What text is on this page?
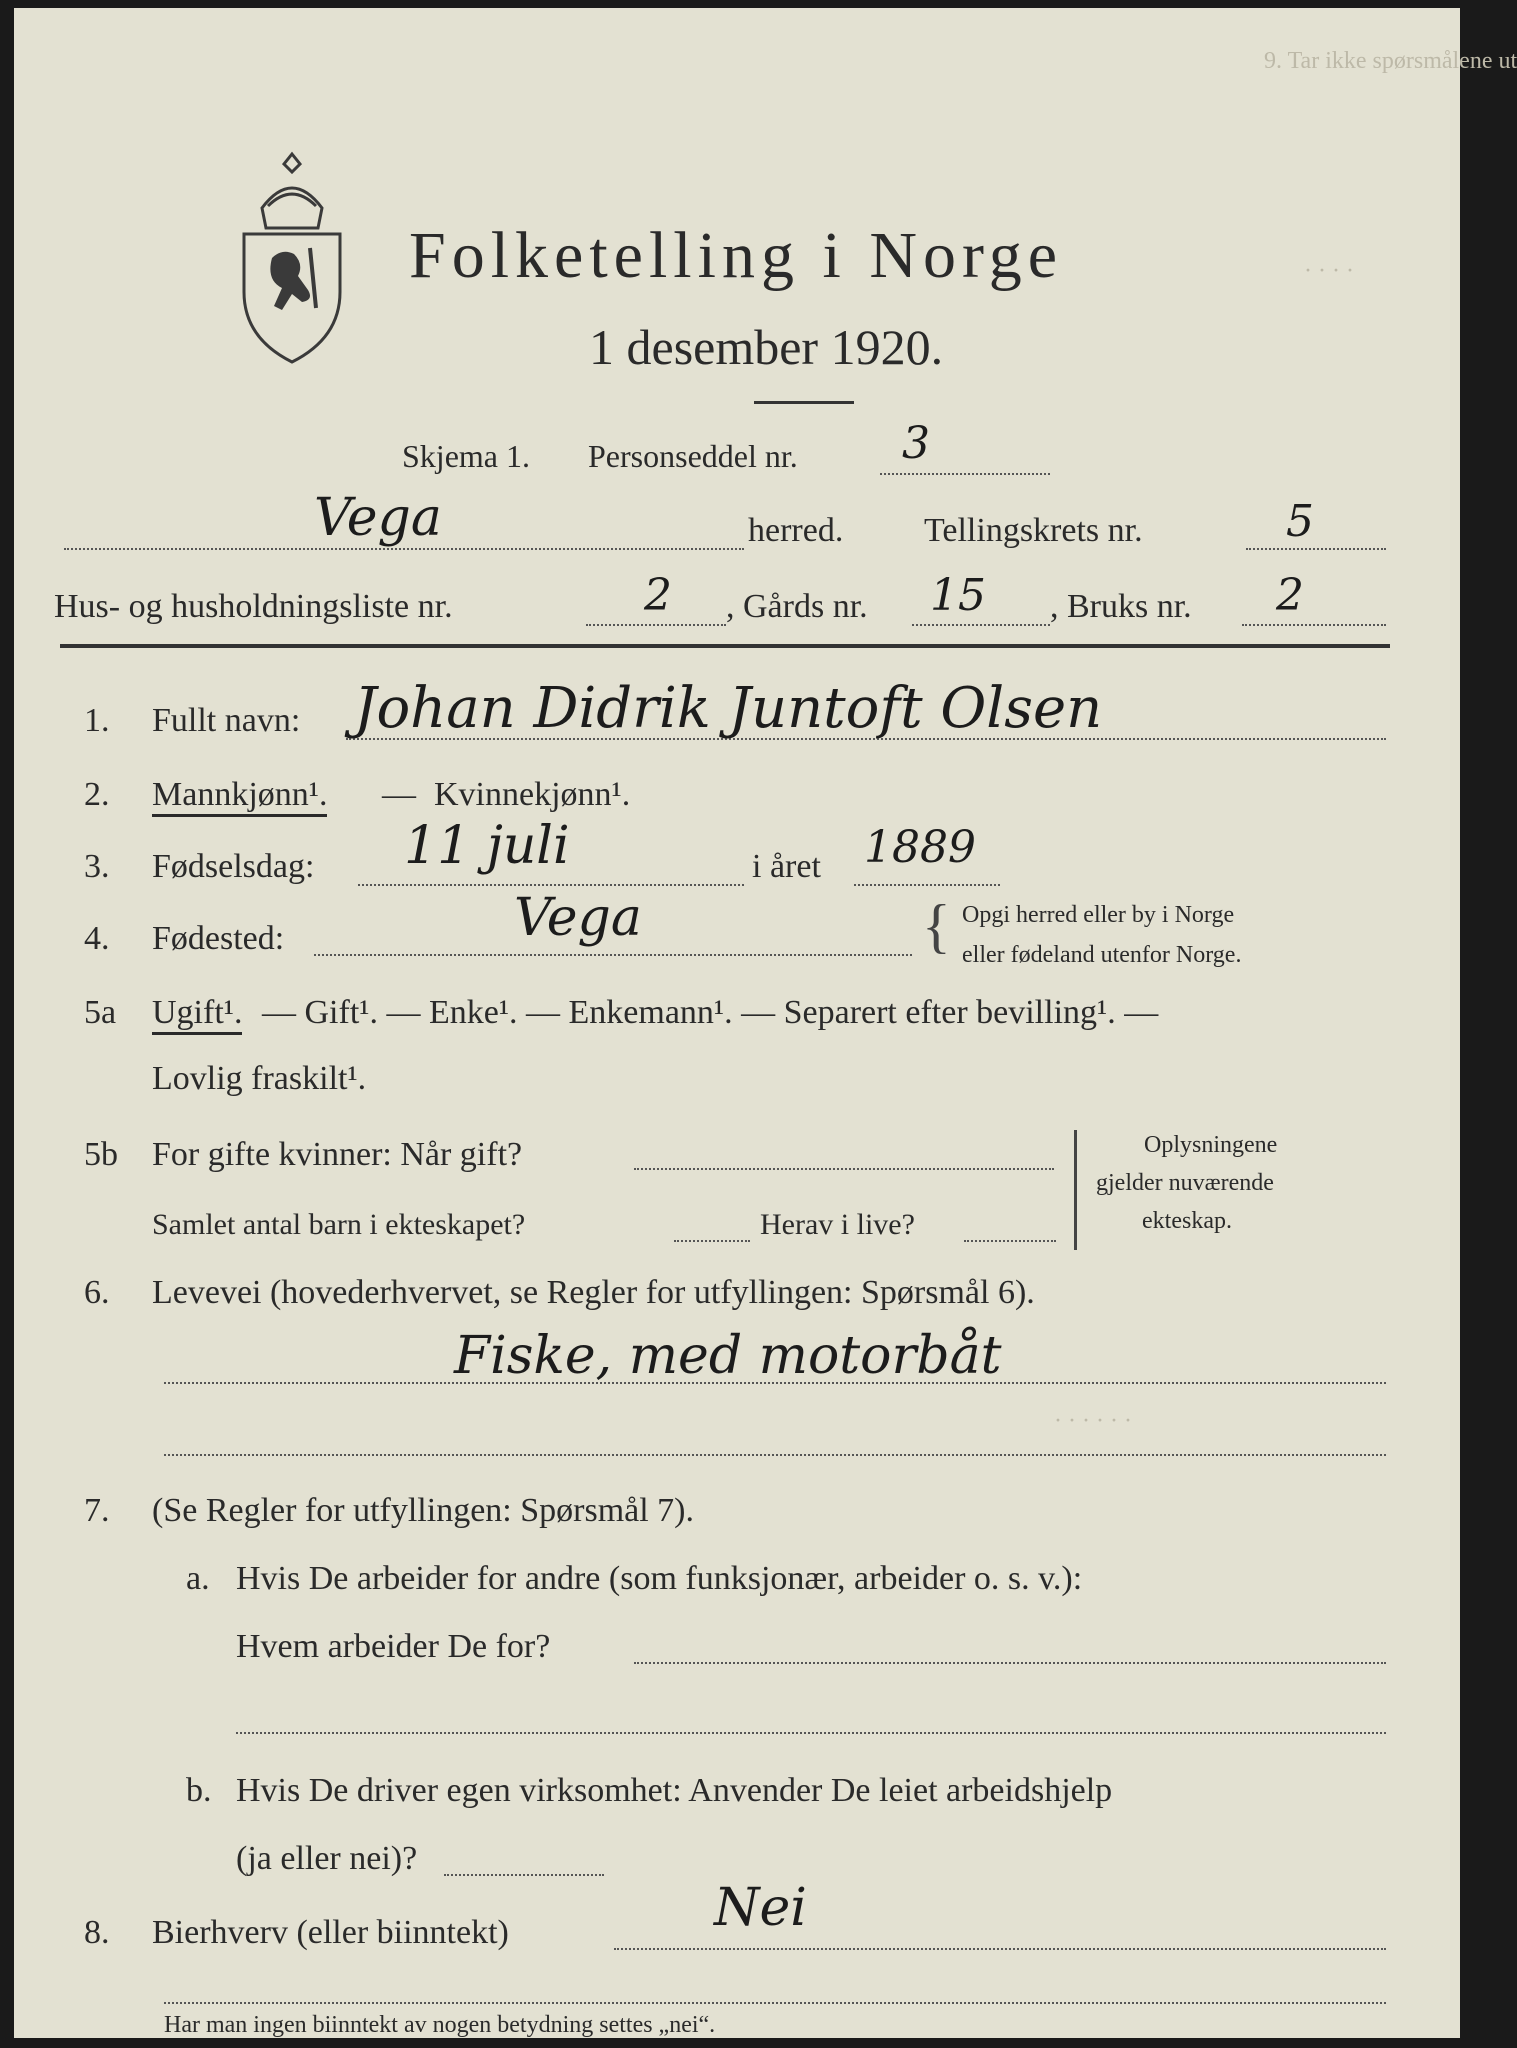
9. Tar ikke spørsmålene ut
· · · ·
· · · · · ·
Folketelling i Norge
1 desember 1920.
Skjema 1. Personseddel nr. 3
Vega	herred. Tellingskrets nr.	5
Hus- og husholdningsliste nr.	2 , Gårds nr. 15 , Bruks nr. 2
1. Fullt navn: Johan Didrik Juntoft Olsen
2. Mannkjønn¹. — Kvinnekjønn¹.
3. Fødselsdag: 11 juli	i året 1889
4. Fødested:	Vega	{ Opgi herred eller by i Norge
eller fødeland utenfor Norge.
5a Ugift¹. — Gift¹. — Enke¹. — Enkemann¹. — Separert efter bevilling¹. —
Lovlig fraskilt¹.
5b For gifte kvinner: Når gift?
Samlet antal barn i ekteskapet?	Herav i live?
Oplysningene
gjelder nuværende
ekteskap.
6. Levevei (hovederhvervet, se Regler for utfyllingen: Spørsmål 6).
Fiske, med motorbåt
7. (Se Regler for utfyllingen: Spørsmål 7).
a. Hvis De arbeider for andre (som funksjonær, arbeider o. s. v.):
Hvem arbeider De for?
b. Hvis De driver egen virksomhet: Anvender De leiet arbeidshjelp
(ja eller nei)?
8. Bierhverv (eller biinntekt)	Nei
Har man ingen biinntekt av nogen betydning settes „nei“.
